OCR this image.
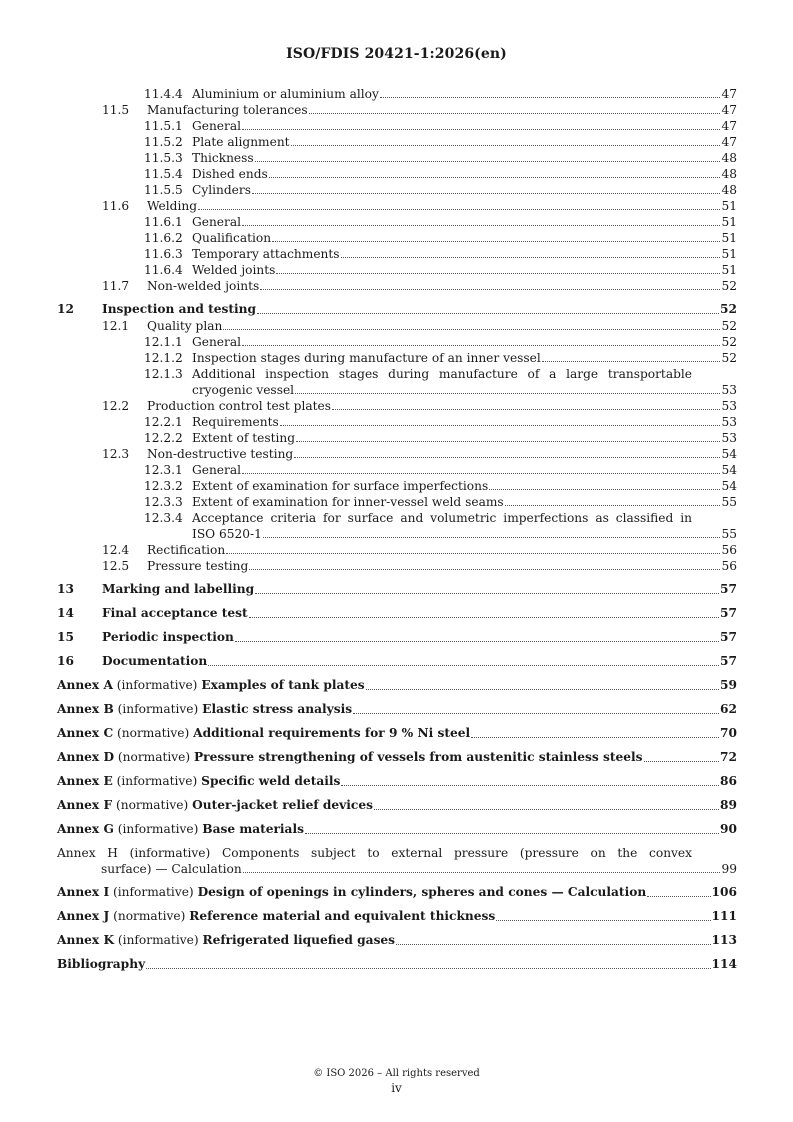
ISO/FDIS 20421-1:2026(en)
11.4.4 Aluminium or aluminium alloy	47
11.5	Manufacturing tolerances	47
11.5.1 General	47
11.5.2 Plate alignment	47
11.5.3 Thickness	48
11.5.4 Dished ends	48
11.5.5 Cylinders	48
11.6	Welding	51
11.6.1 General	51
11.6.2 Qualification	51
11.6.3 Temporary attachments	51
11.6.4 Welded joints	51
11.7	Non-welded joints	52
12	Inspection and testing	52
12.1	Quality plan	52
12.1.1 General	52
12.1.2 Inspection stages during manufacture of an inner vessel	52
12.1.3 Additional inspection stages during manufacture of a large transportable
cryogenic vessel	53
12.2	Production control test plates	53
12.2.1 Requirements	53
12.2.2 Extent of testing	53
12.3	Non-destructive testing	54
12.3.1 General	54
12.3.2 Extent of examination for surface imperfections	54
12.3.3 Extent of examination for inner-vessel weld seams	55
12.3.4 Acceptance criteria for surface and volumetric imperfections as classified in
ISO 6520-1	55
12.4	Rectification	56
12.5	Pressure testing	56
13	Marking and labelling	57
14	Final acceptance test	57
15	Periodic inspection	57
16	Documentation	57
Annex A (informative) Examples of tank plates	59
Annex B (informative) Elastic stress analysis	62
Annex C (normative) Additional requirements for 9 % Ni steel	70
Annex D (normative) Pressure strengthening of vessels from austenitic stainless steels	72
Annex E (informative) Specific weld details	86
Annex F (normative) Outer-jacket relief devices	89
Annex G (informative) Base materials	90
Annex H (informative) Components subject to external pressure (pressure on the convex
surface) — Calculation	99
Annex I (informative) Design of openings in cylinders, spheres and cones — Calculation	106
Annex J (normative) Reference material and equivalent thickness	111
Annex K (informative) Refrigerated liquefied gases	113
Bibliography	114
© ISO 2026 – All rights reserved
iv
